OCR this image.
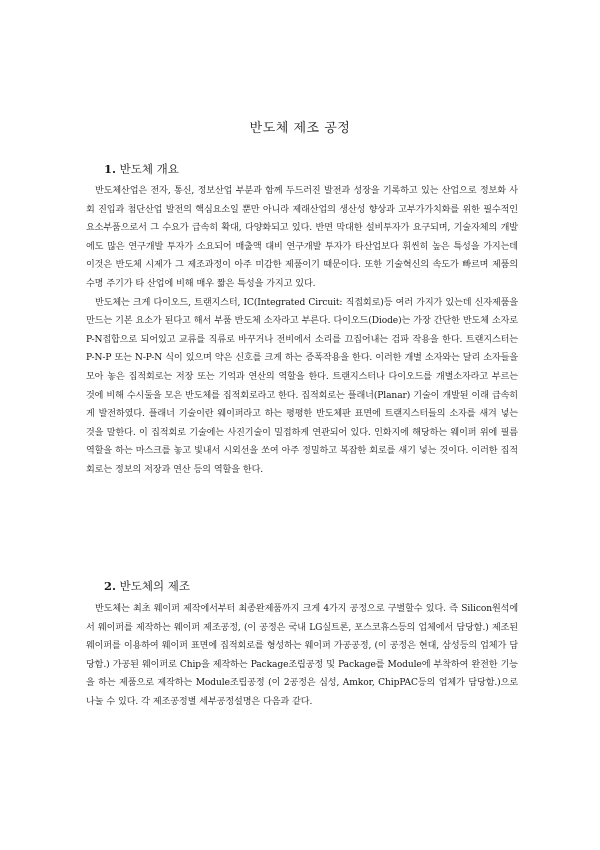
반도체 제조 공정
1. 반도체 개요

반도체산업은 전자, 통신, 정보산업 부분과 함께 두드러진 발전과 성장을 기록하고 있는 산업으로 정보화 사회 진입과 첨단산업 발전의 핵심요소일 뿐만 아니라 제래산업의 생산성 향상과 고부가가치화를 위한 필수적인 요소부품으로서 그 수요가 급속히 확대, 다양화되고 있다. 반면 막대한 설비투자가 요구되며, 기술자체의 개발에도 많은 연구개발 투자가 소요되어 매출액 대비 연구개발 투자가 타산업보다 휘씬히 높은 특성을 가지는데 이것은 반도체 시제가 그 제조과정이 아주 미감한 제품이기 때문이다. 또한 기술혁신의 속도가 빠르며 제품의 수명 주기가 타 산업에 비해 매우 짧은 특성을 가지고 있다.

반도체는 크게 다이오드, 트랜지스터, IC(Integrated Circuit: 직접회로)등 여러 가지가 있는데 신자제품을 만드는 기본 요소가 된다고 해서 부품 반도체 소자라고 부른다. 다이오드(Diode)는 가장 간단한 반도체 소자로 P-N접합으로 되어있고 교류를 직류로 바꾸거나 전비에서 소리를 끄집어내는 검파 작용을 한다. 트랜지스터는 P-N-P 또는 N-P-N 식이 있으며 약은 신호를 크게 하는 증폭작용을 한다. 이러한 개별 소자와는 달리 소자들을 모아 놓은 집적회로는 저장 또는 기억과 연산의 역할을 한다. 트랜지스터나 다이오드를 개별소자라고 부르는 것에 비해 수시둘을 모은 반도체를 집적회로라고 한다. 집적회로는 플래너(Planar) 기술이 개발된 이래 급속히게 발전하였다. 플래너 기술이란 웨이퍼라고 하는 평평한 반도체판 표면에 트랜지스터들의 소자를 새겨 넣는 것을 말한다. 이 집적회로 기술에는 사진기술이 밀접하게 연관되어 있다. 인화지에 해당하는 웨이퍼 위에 필름 역할을 하는 마스크를 놓고 빛내서 시외선을 쏘여 아주 정밀하고 복잡한 회로를 새기 넣는 것이다. 이러한 집적회로는 정보의 저장과 연산 등의 역할을 한다.

2. 반도체의 제조

반도체는 최초 웨이퍼 제작에서부터 최종완제품까지 크게 4가지 공정으로 구별할수 있다. 즉 Silicon원석에서 웨이퍼를 제작하는 웨이퍼 제조공정, (이 공정은 국내 LG실트론, 포스코휴스등의 업체에서 담당함.) 제조된 웨이퍼를 이용하여 웨이퍼 표면에 집적회로를 형성하는 웨이퍼 가공공정, (이 공정은 현대, 삼성등의 업체가 담당함.) 가공된 웨이퍼로 Chip을 제작하는 Package조립공정 및 Package를 Module에 부착하여 완전한 기능을 하는 제품으로 제작하는 Module조립공정 (이 2공정은 심성, Amkor, ChipPAC등의 업체가 담당함.)으로 나눌 수 있다. 각 제조공정별 세부공정설명은 다음과 같다.
